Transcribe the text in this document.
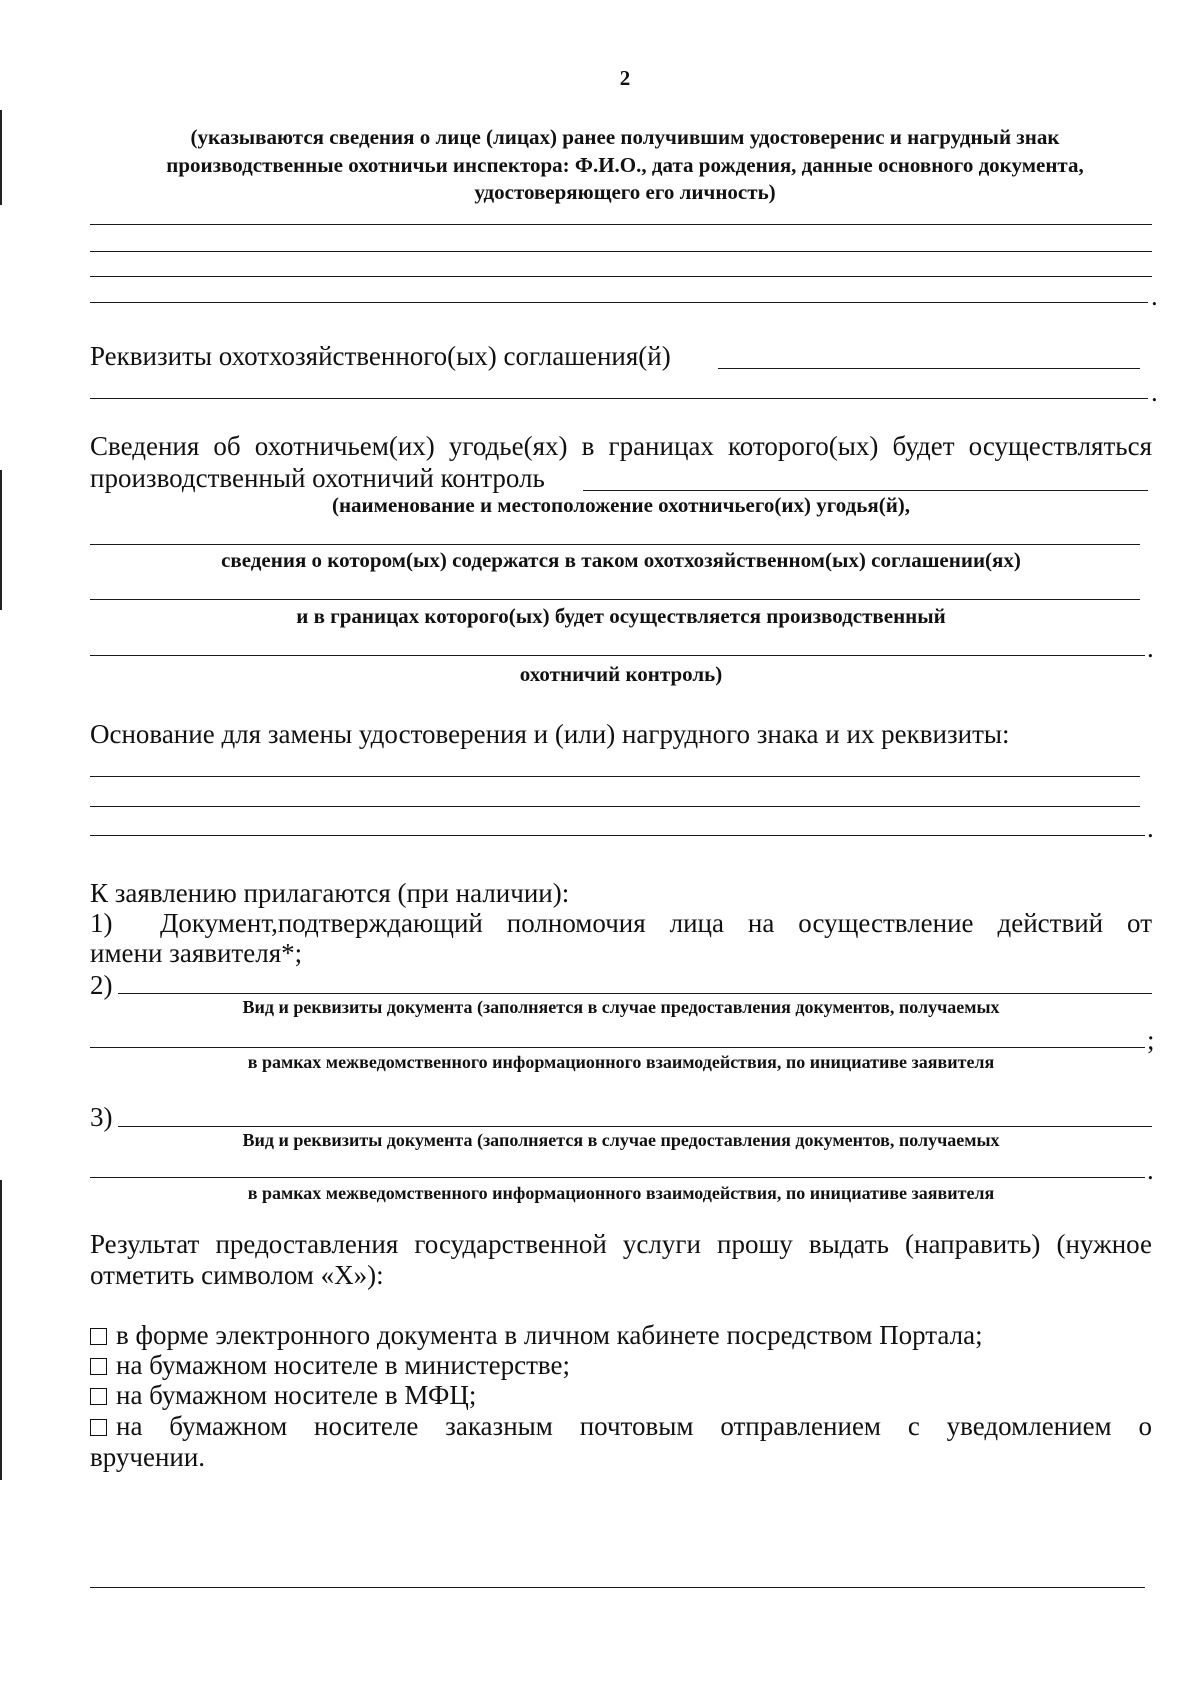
2
(указываются сведения о лице (лицах) ранее получившим удостоверенис и нагрудный знак
производственные охотничьи инспектора: Ф.И.О., дата рождения, данные основного документа,
удостоверяющего его личность)
.
Реквизиты охотхозяйственного(ых) соглашения(й)
.
Сведения об охотничьем(их) угодье(ях) в границах которого(ых) будет осуществляться
производственный охотничий контроль
(наименование и местоположение охотничьего(их) угодья(й),
сведения о котором(ых) содержатся в таком охотхозяйственном(ых) соглашении(ях)
и в границах которого(ых) будет осуществляется производственный
.
охотничий контроль)
Основание для замены удостоверения и (или) нагрудного знака и их реквизиты:
.
К заявлению прилагаются (при наличии):
1) Документ,подтверждающий полномочия лица на осуществление действий от
имени заявителя*;
2)
Вид и реквизиты документа (заполняется в случае предоставления документов, получаемых
;
в рамках межведомственного информационного взаимодействия, по инициативе заявителя
3)
Вид и реквизиты документа (заполняется в случае предоставления документов, получаемых
.
в рамках межведомственного информационного взаимодействия, по инициативе заявителя
Результат предоставления государственной услуги прошу выдать (направить) (нужное
отметить символом «Х»):
в форме электронного документа в личном кабинете посредством Портала;
на бумажном носителе в министерстве;
на бумажном носителе в МФЦ;
на бумажном носителе заказным почтовым отправлением с уведомлением о
вручении.
